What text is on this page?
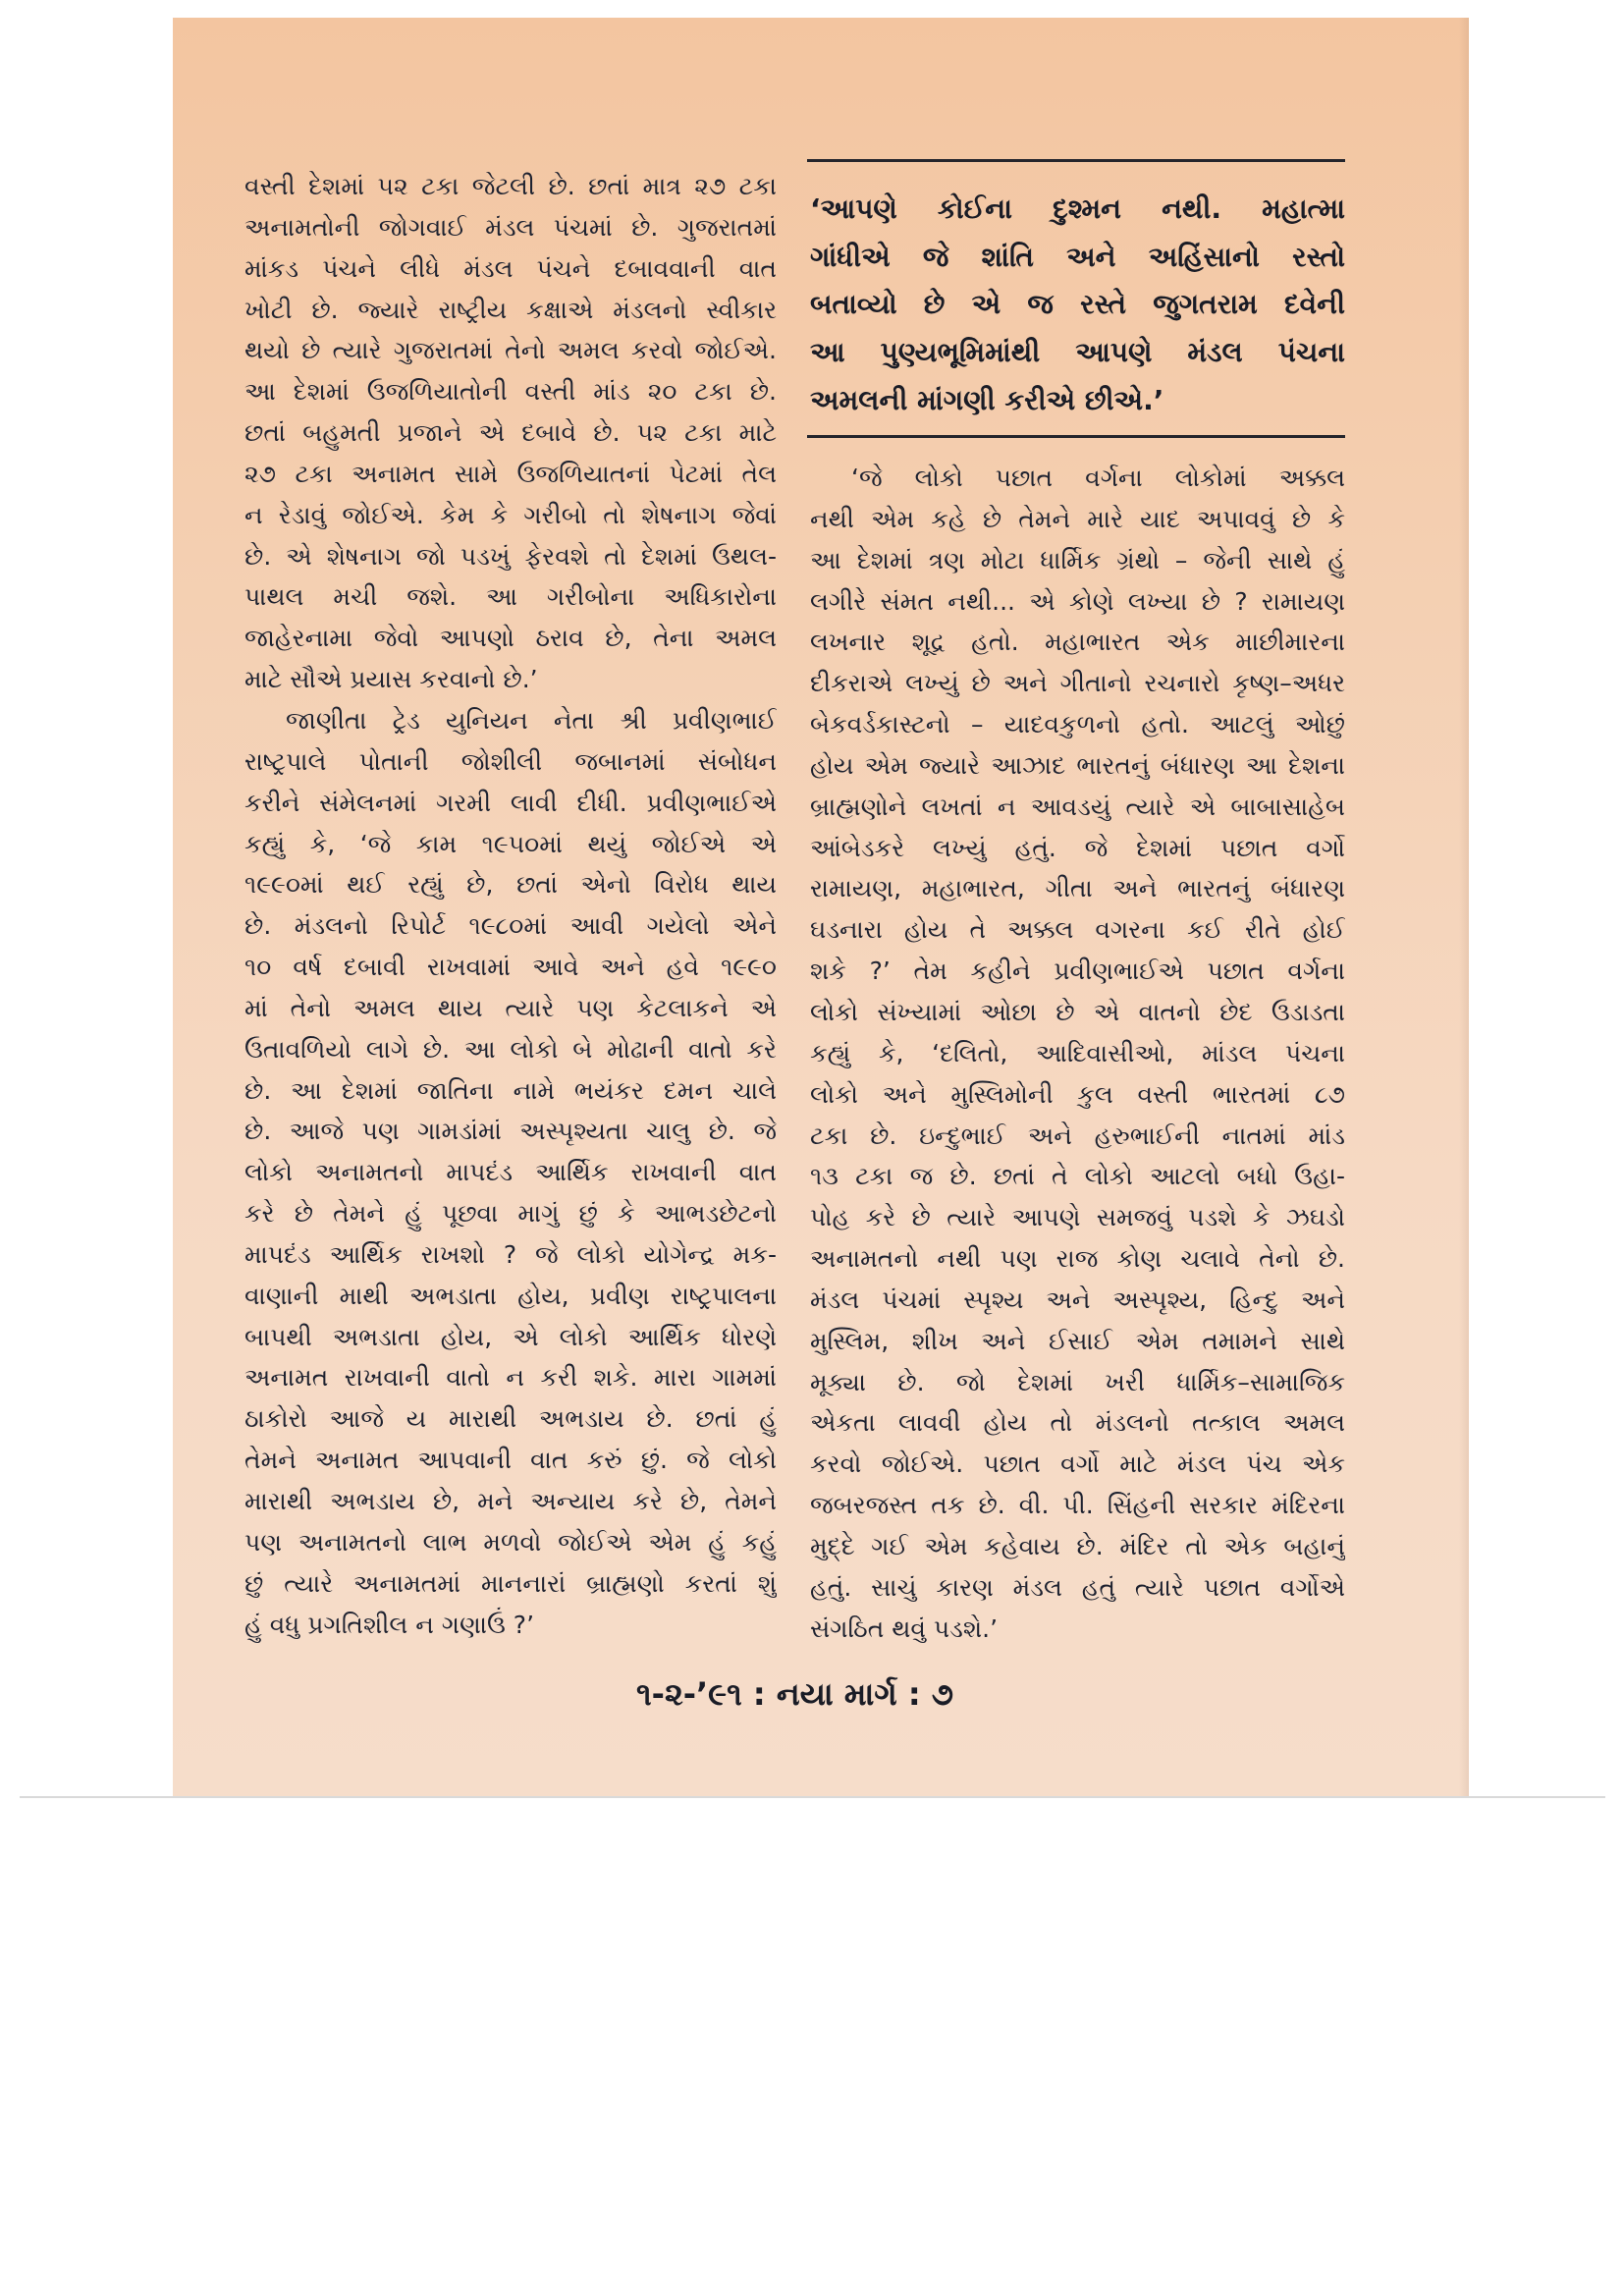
વસ્તી દેશમાં ૫૨ ટકા જેટલી છે. છતાં માત્ર ૨૭ ટકા
અનામતોની જોગવાઈ મંડલ પંચમાં છે. ગુજરાતમાં
માંકડ પંચને લીધે મંડલ પંચને દબાવવાની વાત
ખોટી છે. જ્યારે રાષ્ટ્રીય કક્ષાએ મંડલનો સ્વીકાર
થયો છે ત્યારે ગુજરાતમાં તેનો અમલ કરવો જોઈએ.
આ દેશમાં ઉજળિયાતોની વસ્તી માંડ ૨૦ ટકા છે.
છતાં બહુમતી પ્રજાને એ દબાવે છે. ૫૨ ટકા માટે
૨૭ ટકા અનામત સામે ઉજળિયાતનાં પેટમાં તેલ
ન રેડાવું જોઈએ. કેમ કે ગરીબો તો શેષનાગ જેવાં
છે. એ શેષનાગ જો પડખું ફેરવશે તો દેશમાં ઉથલ-
પાથલ મચી જશે. આ ગરીબોના અધિકારોના
જાહેરનામા જેવો આપણો ઠરાવ છે, તેના અમલ
માટે સૌએ પ્રયાસ કરવાનો છે.’
જાણીતા ટ્રેડ યુનિયન નેતા શ્રી પ્રવીણભાઈ
રાષ્ટ્રપાલે પોતાની જોશીલી જબાનમાં સંબોધન
કરીને સંમેલનમાં ગરમી લાવી દીધી. પ્રવીણભાઈએ
કહ્યું કે, ‘જે કામ ૧૯૫૦માં થયું જોઈએ એ
૧૯૯૦માં થઈ રહ્યું છે, છતાં એનો વિરોધ થાય
છે. મંડલનો રિપોર્ટ ૧૯૮૦માં આવી ગયેલો એને
૧૦ વર્ષ દબાવી રાખવામાં આવે અને હવે ૧૯૯૦
માં તેનો અમલ થાય ત્યારે પણ કેટલાકને એ
ઉતાવળિયો લાગે છે. આ લોકો બે મોઢાની વાતો કરે
છે. આ દેશમાં જાતિના નામે ભયંકર દમન ચાલે
છે. આજે પણ ગામડાંમાં અસ્પૃશ્યતા ચાલુ છે. જે
લોકો અનામતનો માપદંડ આર્થિક રાખવાની વાત
કરે છે તેમને હું પૂછવા માગું છું કે આભડછેટનો
માપદંડ આર્થિક રાખશો ? જે લોકો યોગેન્દ્ર મક-
વાણાની માથી અભડાતા હોય, પ્રવીણ રાષ્ટ્રપાલના
બાપથી અભડાતા હોય, એ લોકો આર્થિક ધોરણે
અનામત રાખવાની વાતો ન કરી શકે. મારા ગામમાં
ઠાકોરો આજે ય મારાથી અભડાય છે. છતાં હું
તેમને અનામત આપવાની વાત કરું છું. જે લોકો
મારાથી અભડાય છે, મને અન્યાય કરે છે, તેમને
પણ અનામતનો લાભ મળવો જોઈએ એમ હું કહું
છું ત્યારે અનામતમાં માનનારાં બ્રાહ્મણો કરતાં શું
હું વધુ પ્રગતિશીલ ન ગણાઉં ?’
‘આપણે કોઈના દુશ્મન નથી. મહાત્મા
ગાંધીએ જે શાંતિ અને અહિંસાનો રસ્તો
બતાવ્યો છે એ જ રસ્તે જુગતરામ દવેની
આ પુણ્યભૂમિમાંથી આપણે મંડલ પંચના
અમલની માંગણી કરીએ છીએ.’
‘જે લોકો પછાત વર્ગના લોકોમાં અક્કલ
નથી એમ કહે છે તેમને મારે યાદ અપાવવું છે કે
આ દેશમાં ત્રણ મોટા ધાર્મિક ગ્રંથો – જેની સાથે હું
લગીરે સંમત નથી... એ કોણે લખ્યા છે ? રામાયણ
લખનાર શૂદ્ર હતો. મહાભારત એક માછીમારના
દીકરાએ લખ્યું છે અને ગીતાનો રચનારો કૃષ્ણ–અધર
બેકવર્ડકાસ્ટનો – યાદવકુળનો હતો. આટલું ઓછું
હોય એમ જ્યારે આઝાદ ભારતનું બંધારણ આ દેશના
બ્રાહ્મણોને લખતાં ન આવડયું ત્યારે એ બાબાસાહેબ
આંબેડકરે લખ્યું હતું. જે દેશમાં પછાત વર્ગો
રામાયણ, મહાભારત, ગીતા અને ભારતનું બંધારણ
ઘડનારા હોય તે અક્કલ વગરના કઈ રીતે હોઈ
શકે ?’ તેમ કહીને પ્રવીણભાઈએ પછાત વર્ગના
લોકો સંખ્યામાં ઓછા છે એ વાતનો છેદ ઉડાડતા
કહ્યું કે, ‘દલિતો, આદિવાસીઓ, માંડલ પંચના
લોકો અને મુસ્લિમોની કુલ વસ્તી ભારતમાં ૮૭
ટકા છે. ઇન્દુભાઈ અને હરુભાઈની નાતમાં માંડ
૧૩ ટકા જ છે. છતાં તે લોકો આટલો બધો ઉહા-
પોહ કરે છે ત્યારે આપણે સમજવું પડશે કે ઝઘડો
અનામતનો નથી પણ રાજ કોણ ચલાવે તેનો છે.
મંડલ પંચમાં સ્પૃશ્ય અને અસ્પૃશ્ય, હિન્દુ અને
મુસ્લિમ, શીખ અને ઈસાઈ એમ તમામને સાથે
મૂક્યા છે. જો દેશમાં ખરી ધાર્મિક–સામાજિક
એકતા લાવવી હોય તો મંડલનો તત્કાલ અમલ
કરવો જોઈએ. પછાત વર્ગો માટે મંડલ પંચ એક
જબરજસ્ત તક છે. વી. પી. સિંહની સરકાર મંદિરના
મુદ્દે ગઈ એમ કહેવાય છે. મંદિર તો એક બહાનું
હતું. સાચું કારણ મંડલ હતું ત્યારે પછાત વર્ગોએ
સંગઠિત થવું પડશે.’
૧-૨-’૯૧ : નયા માર્ગ : ૭
